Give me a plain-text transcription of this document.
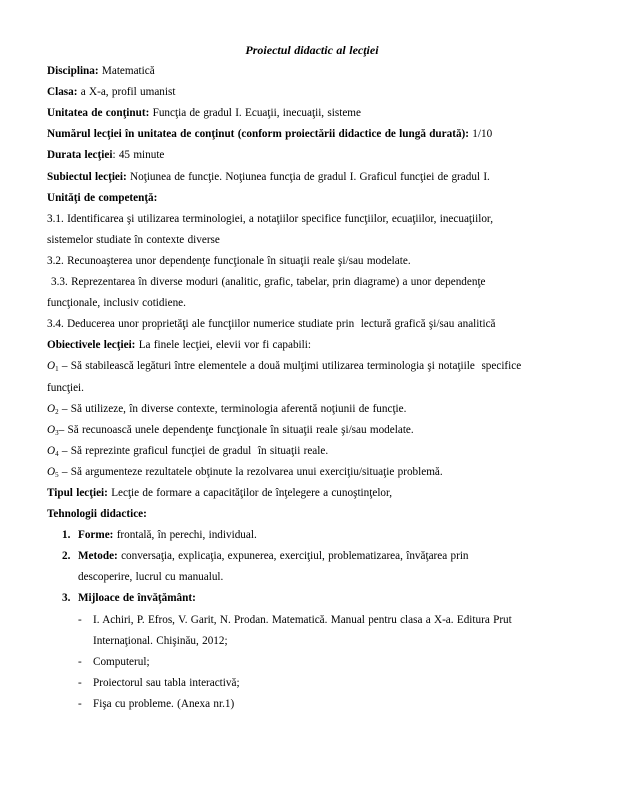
Proiectul didactic al lecţiei
Disciplina: Matematică
Clasa: a X-a, profil umanist
Unitatea de conţinut: Funcţia de gradul I. Ecuaţii, inecuaţii, sisteme
Numărul lecţiei în unitatea de conţinut (conform proiectării didactice de lungă durată): 1/10
Durata lecţiei: 45 minute
Subiectul lecţiei: Noţiunea de funcţie. Noţiunea funcţia de gradul I. Graficul funcţiei de gradul I.
Unităţi de competenţă:
3.1. Identificarea şi utilizarea terminologiei, a notaţiilor specifice funcţiilor, ecuaţiilor, inecuaţiilor,
sistemelor studiate în contexte diverse
3.2. Recunoaşterea unor dependenţe funcţionale în situaţii reale şi/sau modelate.
3.3. Reprezentarea în diverse moduri (analitic, grafic, tabelar, prin diagrame) a unor dependenţe
funcţionale, inclusiv cotidiene.
3.4. Deducerea unor proprietăţi ale funcţiilor numerice studiate prin  lectură grafică şi/sau analitică
Obiectivele lecţiei: La finele lecţiei, elevii vor fi capabili:
$O_1$ – Să stabilească legături între elementele a două mulţimi utilizarea terminologia şi notaţiile  specifice
funcţiei.
$O_2$ – Să utilizeze, în diverse contexte, terminologia aferentă noţiunii de funcţie.
$O_3-$ Să recunoască unele dependenţe funcţionale în situaţii reale şi/sau modelate.
$O_4$ – Să reprezinte graficul funcţiei de gradul  în situaţii reale.
$O_5$ – Să argumenteze rezultatele obţinute la rezolvarea unui exerciţiu/situaţie problemă.
Tipul lecţiei: Lecţie de formare a capacităţilor de înţelegere a cunoştinţelor,
Tehnologii didactice:
1. Forme: frontală, în perechi, individual.
2. Metode: conversaţia, explicaţia, expunerea, exerciţiul, problematizarea, învăţarea prin
descoperire, lucrul cu manualul.
3. Mijloace de învăţământ:
- I. Achiri, P. Efros, V. Garit, N. Prodan. Matematică. Manual pentru clasa a X-a. Editura Prut
Internaţional. Chişinău, 2012;
- Computerul;
- Proiectorul sau tabla interactivă;
- Fişa cu probleme. (Anexa nr.1)
